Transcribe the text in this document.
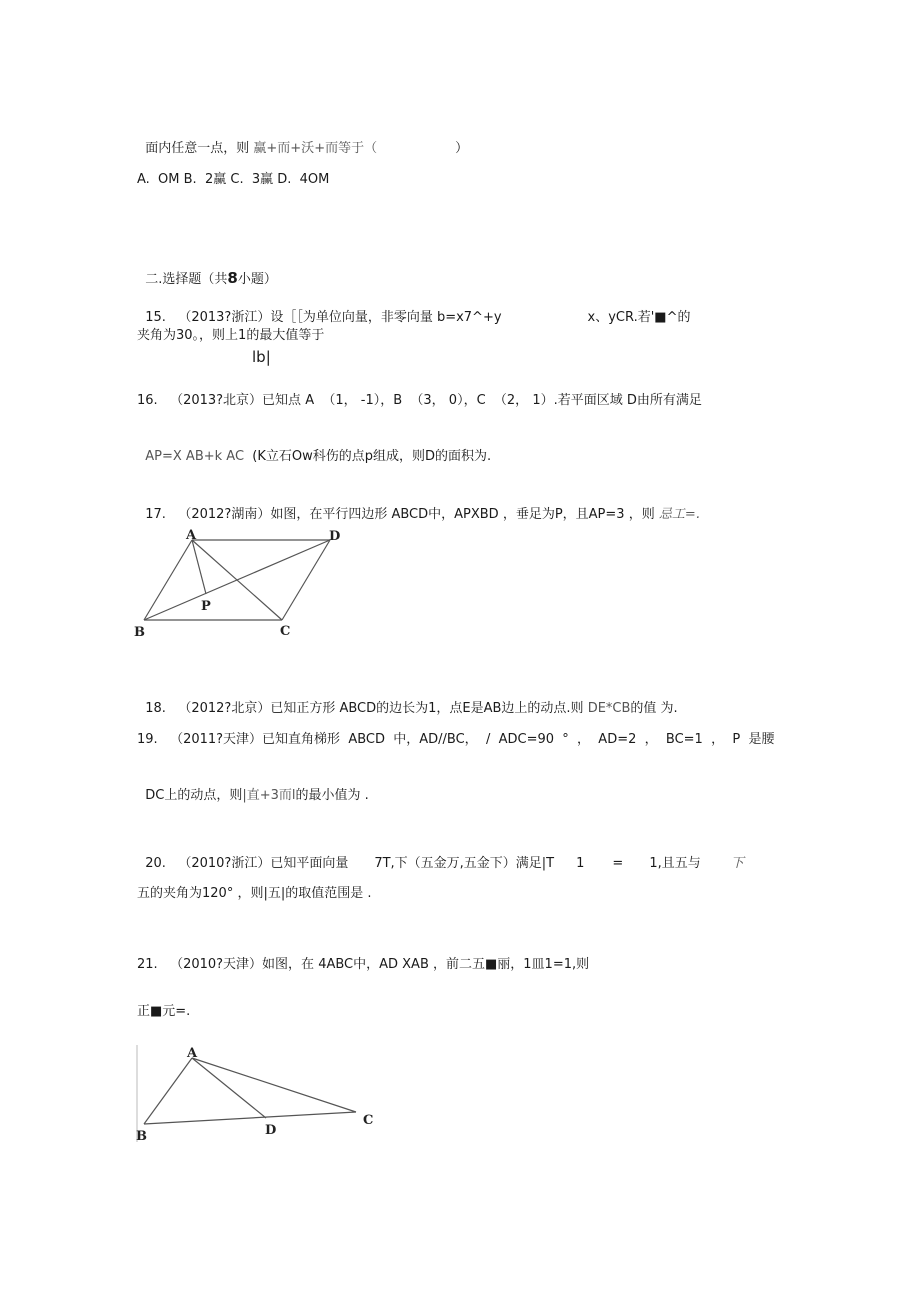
面内任意一点，则 赢+而+沃+而等于（	）

A.  OM B.  2赢 C.  3赢 D.  4OM

二.选择题（共8小题）

15.   （2013?浙江）设［［为单位向量，非零向量 b=x7^+y	x、yCR.若'■^的

夹角为30。，则上1的最大值等于
lb|
16.   （2013?北京）已知点 A  （1， -1），B  （3， 0），C  （2， 1）.若平面区域 D由所有满足

AP=X AB+k AC  (K立石Ow科伤的点p组成，则D的面积为.

17.   （2012?湖南）如图，在平行四边形 ABCD中，APXBD ，垂足为P，且AP=3 ，则 忌工=.

A	D
P
B	C

18.   （2012?北京）已知正方形 ABCD的边长为1，点E是AB边上的动点.则 DE*CB的值 为.

19.   （2011?天津）已知直角梯形  ABCD  中，AD//BC，  /  ADC=90  °  ，  AD=2  ，  BC=1  ，  P  是腰

DC上的动点，则|直+3而l的最小值为 .

20.   （2010?浙江）已知平面向量 7T,下（五金万,五金下）满足|T 1 = 1,且五与 下

五的夹角为120° ，则|五|的取值范围是 .
21.   （2010?天津）如图，在 4ABC中，AD XAB ，前二五■丽，1皿1=1,则
正■元=.
A
B	D
C
